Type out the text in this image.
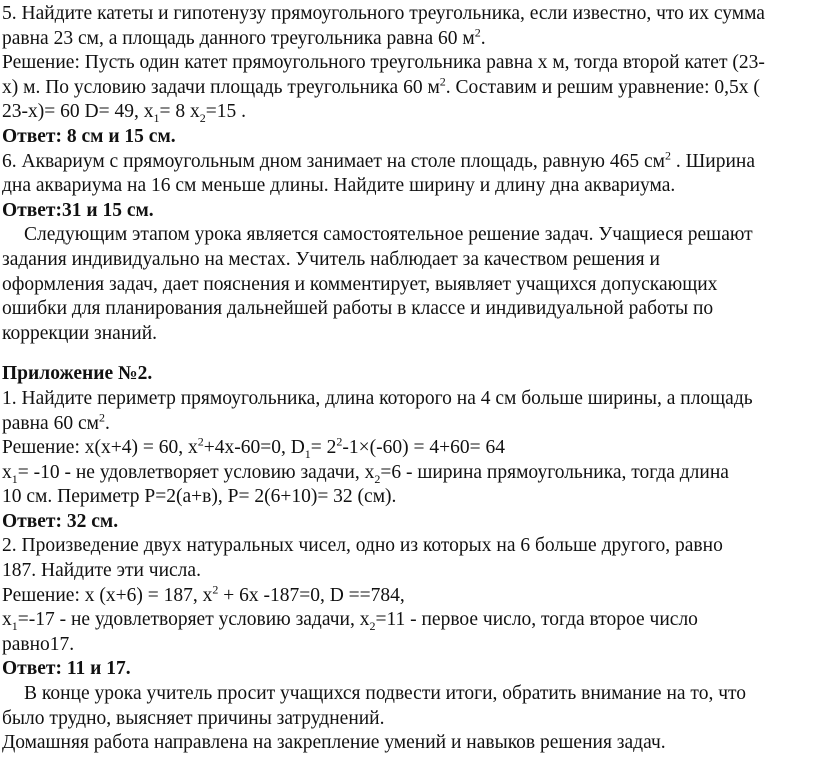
5. Найдите катеты и гипотенузу прямоугольного треугольника, если известно, что их сумма
равна 23 см, а площадь данного треугольника равна 60 $м^2$.
Решение: Пусть один катет прямоугольного треугольника равна х м, тогда второй катет (23-
х) м. По условию задачи площадь треугольника 60 $м^2$. Составим и решим уравнение: 0,5х (
23-х)= 60 D= 49, $х_1= 8$ $х_2=15$ .
Ответ: 8 см и 15 см.
6. Аквариум с прямоугольным дном занимает на столе площадь, равную 465 $см^2$ . Ширина
дна аквариума на 16 см меньше длины. Найдите ширину и длину дна аквариума.
Ответ:31 и 15 см.
Следующим этапом урока является самостоятельное решение задач. Учащиеся решают
задания индивидуально на местах. Учитель наблюдает за качеством решения и
оформления задач, дает пояснения и комментирует, выявляет учащихся допускающих
ошибки для планирования дальнейшей работы в классе и индивидуальной работы по
коррекции знаний.
Приложение №2.
1. Найдите периметр прямоугольника, длина которого на 4 см больше ширины, а площадь
равна 60 $см^2$.
Решение: х(х+4) = 60, $х^2+4х-60=0$, $D_1= 2^2-1\times(-60) = 4+60= 64$
$х_1= -10$ - не удовлетворяет условию задачи, $х_2=6$ - ширина прямоугольника, тогда длина
10 см. Периметр Р=2(а+в), Р= 2(6+10)= 32 (см).
Ответ: 32 см.
2. Произведение двух натуральных чисел, одно из которых на 6 больше другого, равно
187. Найдите эти числа.
Решение: х (х+6) = 187, $х^2 + 6х$ -187=0, D ==784,
$х_1=-17$ - не удовлетворяет условию задачи, $х_2=11$ - первое число, тогда второе число
равно17.
Ответ: 11 и 17.
В конце урока учитель просит учащихся подвести итоги, обратить внимание на то, что
было трудно, выясняет причины затруднений.
Домашняя работа направлена на закрепление умений и навыков решения задач.
